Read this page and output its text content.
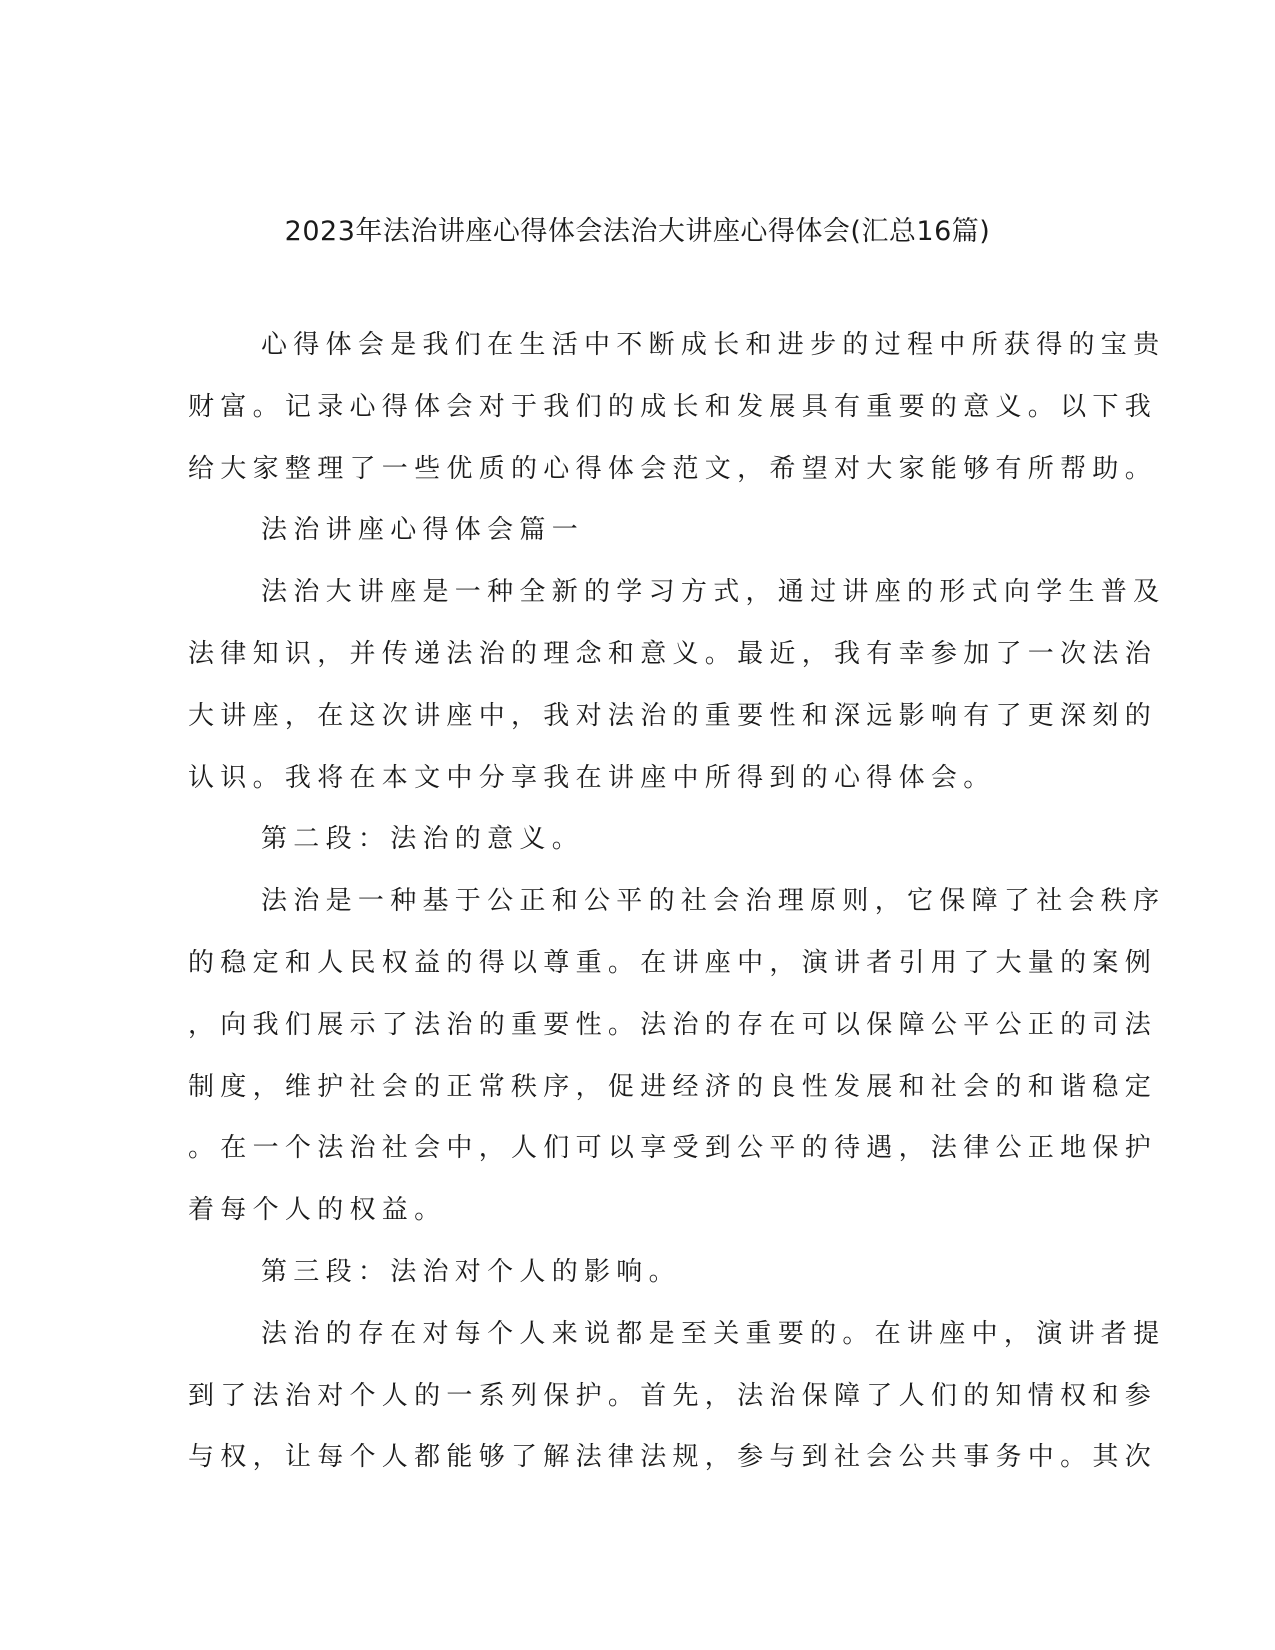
2023年法治讲座心得体会法治大讲座心得体会(汇总16篇)
心得体会是我们在生活中不断成长和进步的过程中所获得的宝贵
财富。记录心得体会对于我们的成长和发展具有重要的意义。以下我
给大家整理了一些优质的心得体会范文，希望对大家能够有所帮助。
法治讲座心得体会篇一
法治大讲座是一种全新的学习方式，通过讲座的形式向学生普及
法律知识，并传递法治的理念和意义。最近，我有幸参加了一次法治
大讲座，在这次讲座中，我对法治的重要性和深远影响有了更深刻的
认识。我将在本文中分享我在讲座中所得到的心得体会。
第二段：法治的意义。
法治是一种基于公正和公平的社会治理原则，它保障了社会秩序
的稳定和人民权益的得以尊重。在讲座中，演讲者引用了大量的案例
，向我们展示了法治的重要性。法治的存在可以保障公平公正的司法
制度，维护社会的正常秩序，促进经济的良性发展和社会的和谐稳定
。在一个法治社会中，人们可以享受到公平的待遇，法律公正地保护
着每个人的权益。
第三段：法治对个人的影响。
法治的存在对每个人来说都是至关重要的。在讲座中，演讲者提
到了法治对个人的一系列保护。首先，法治保障了人们的知情权和参
与权，让每个人都能够了解法律法规，参与到社会公共事务中。其次
